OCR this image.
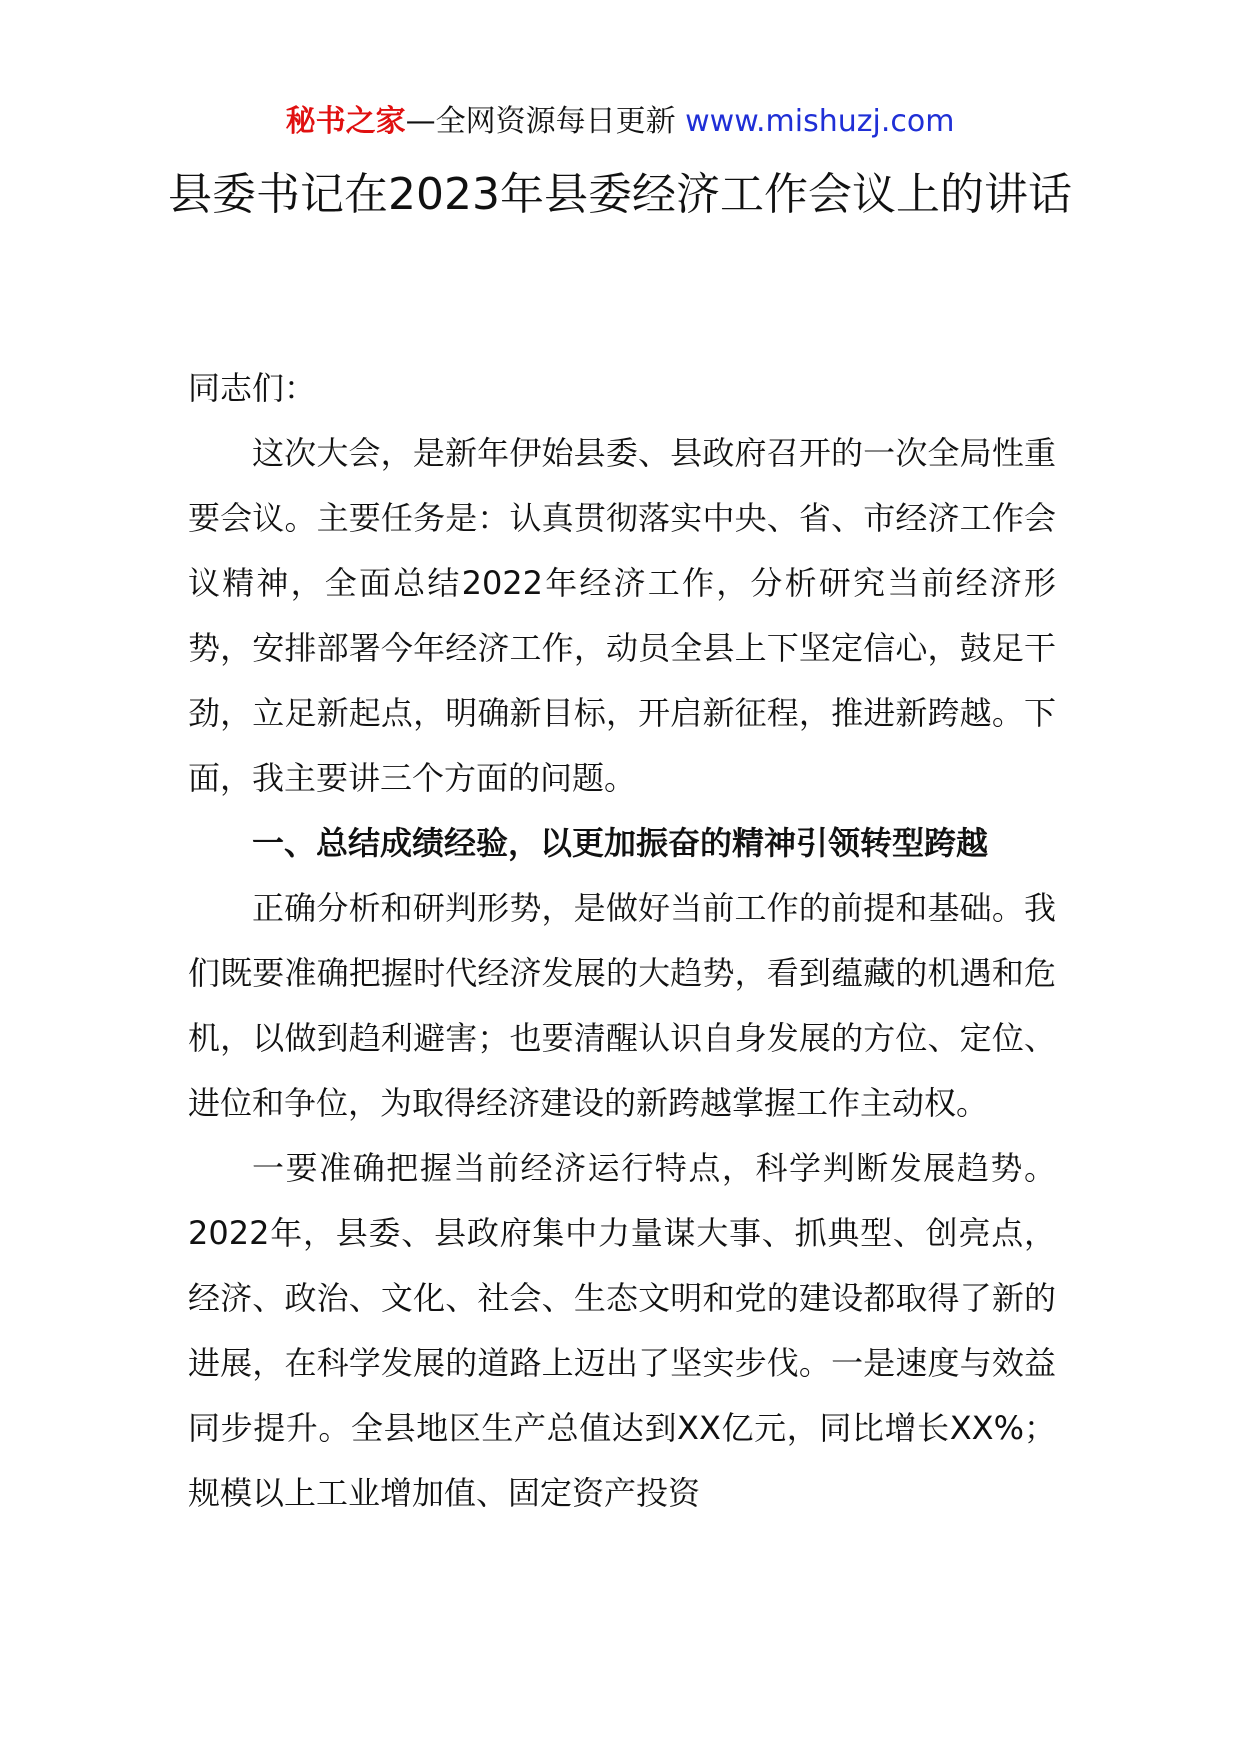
秘书之家—全网资源每日更新 www.mishuzj.com
县委书记在2023年县委经济工作会议上的讲话

同志们：

这次大会，是新年伊始县委、县政府召开的一次全局性重要会议。主要任务是：认真贯彻落实中央、省、市经济工作会议精神，全面总结2022年经济工作，分析研究当前经济形势，安排部署今年经济工作，动员全县上下坚定信心，鼓足干劲，立足新起点，明确新目标，开启新征程，推进新跨越。下面，我主要讲三个方面的问题。

一、总结成绩经验，以更加振奋的精神引领转型跨越

正确分析和研判形势，是做好当前工作的前提和基础。我们既要准确把握时代经济发展的大趋势，看到蕴藏的机遇和危机，以做到趋利避害；也要清醒认识自身发展的方位、定位、进位和争位，为取得经济建设的新跨越掌握工作主动权。

一要准确把握当前经济运行特点，科学判断发展趋势。2022年，县委、县政府集中力量谋大事、抓典型、创亮点，经济、政治、文化、社会、生态文明和党的建设都取得了新的进展，在科学发展的道路上迈出了坚实步伐。一是速度与效益同步提升。全县地区生产总值达到XX亿元，同比增长XX%；规模以上工业增加值、固定资产投资
